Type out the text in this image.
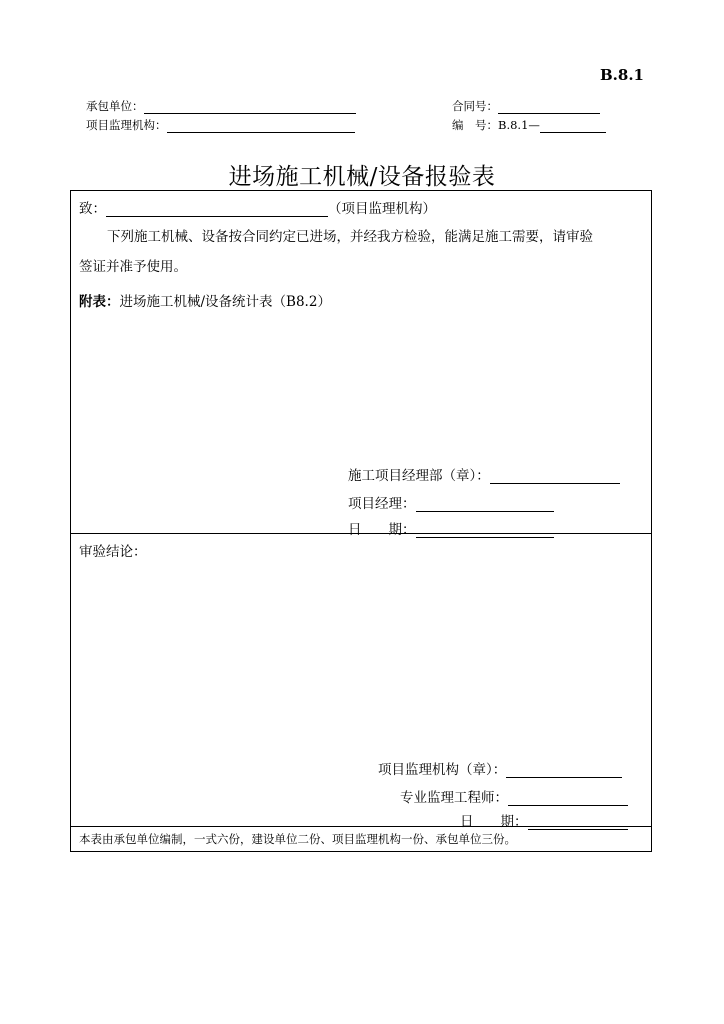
B.8.1
承包单位：	合同号：
项目监理机构：	编　号：B.8.1—
进场施工机械/设备报验表
致：	（项目监理机构）
下列施工机械、设备按合同约定已进场，并经我方检验，能满足施工需要，请审验
签证并准予使用。
附表：进场施工机械/设备统计表（B8.2）
施工项目经理部（章）：
项目经理：
日　　期：
审验结论：
项目监理机构（章）：
专业监理工程师：
日　　期：
本表由承包单位编制，一式六份，建设单位二份、项目监理机构一份、承包单位三份。
